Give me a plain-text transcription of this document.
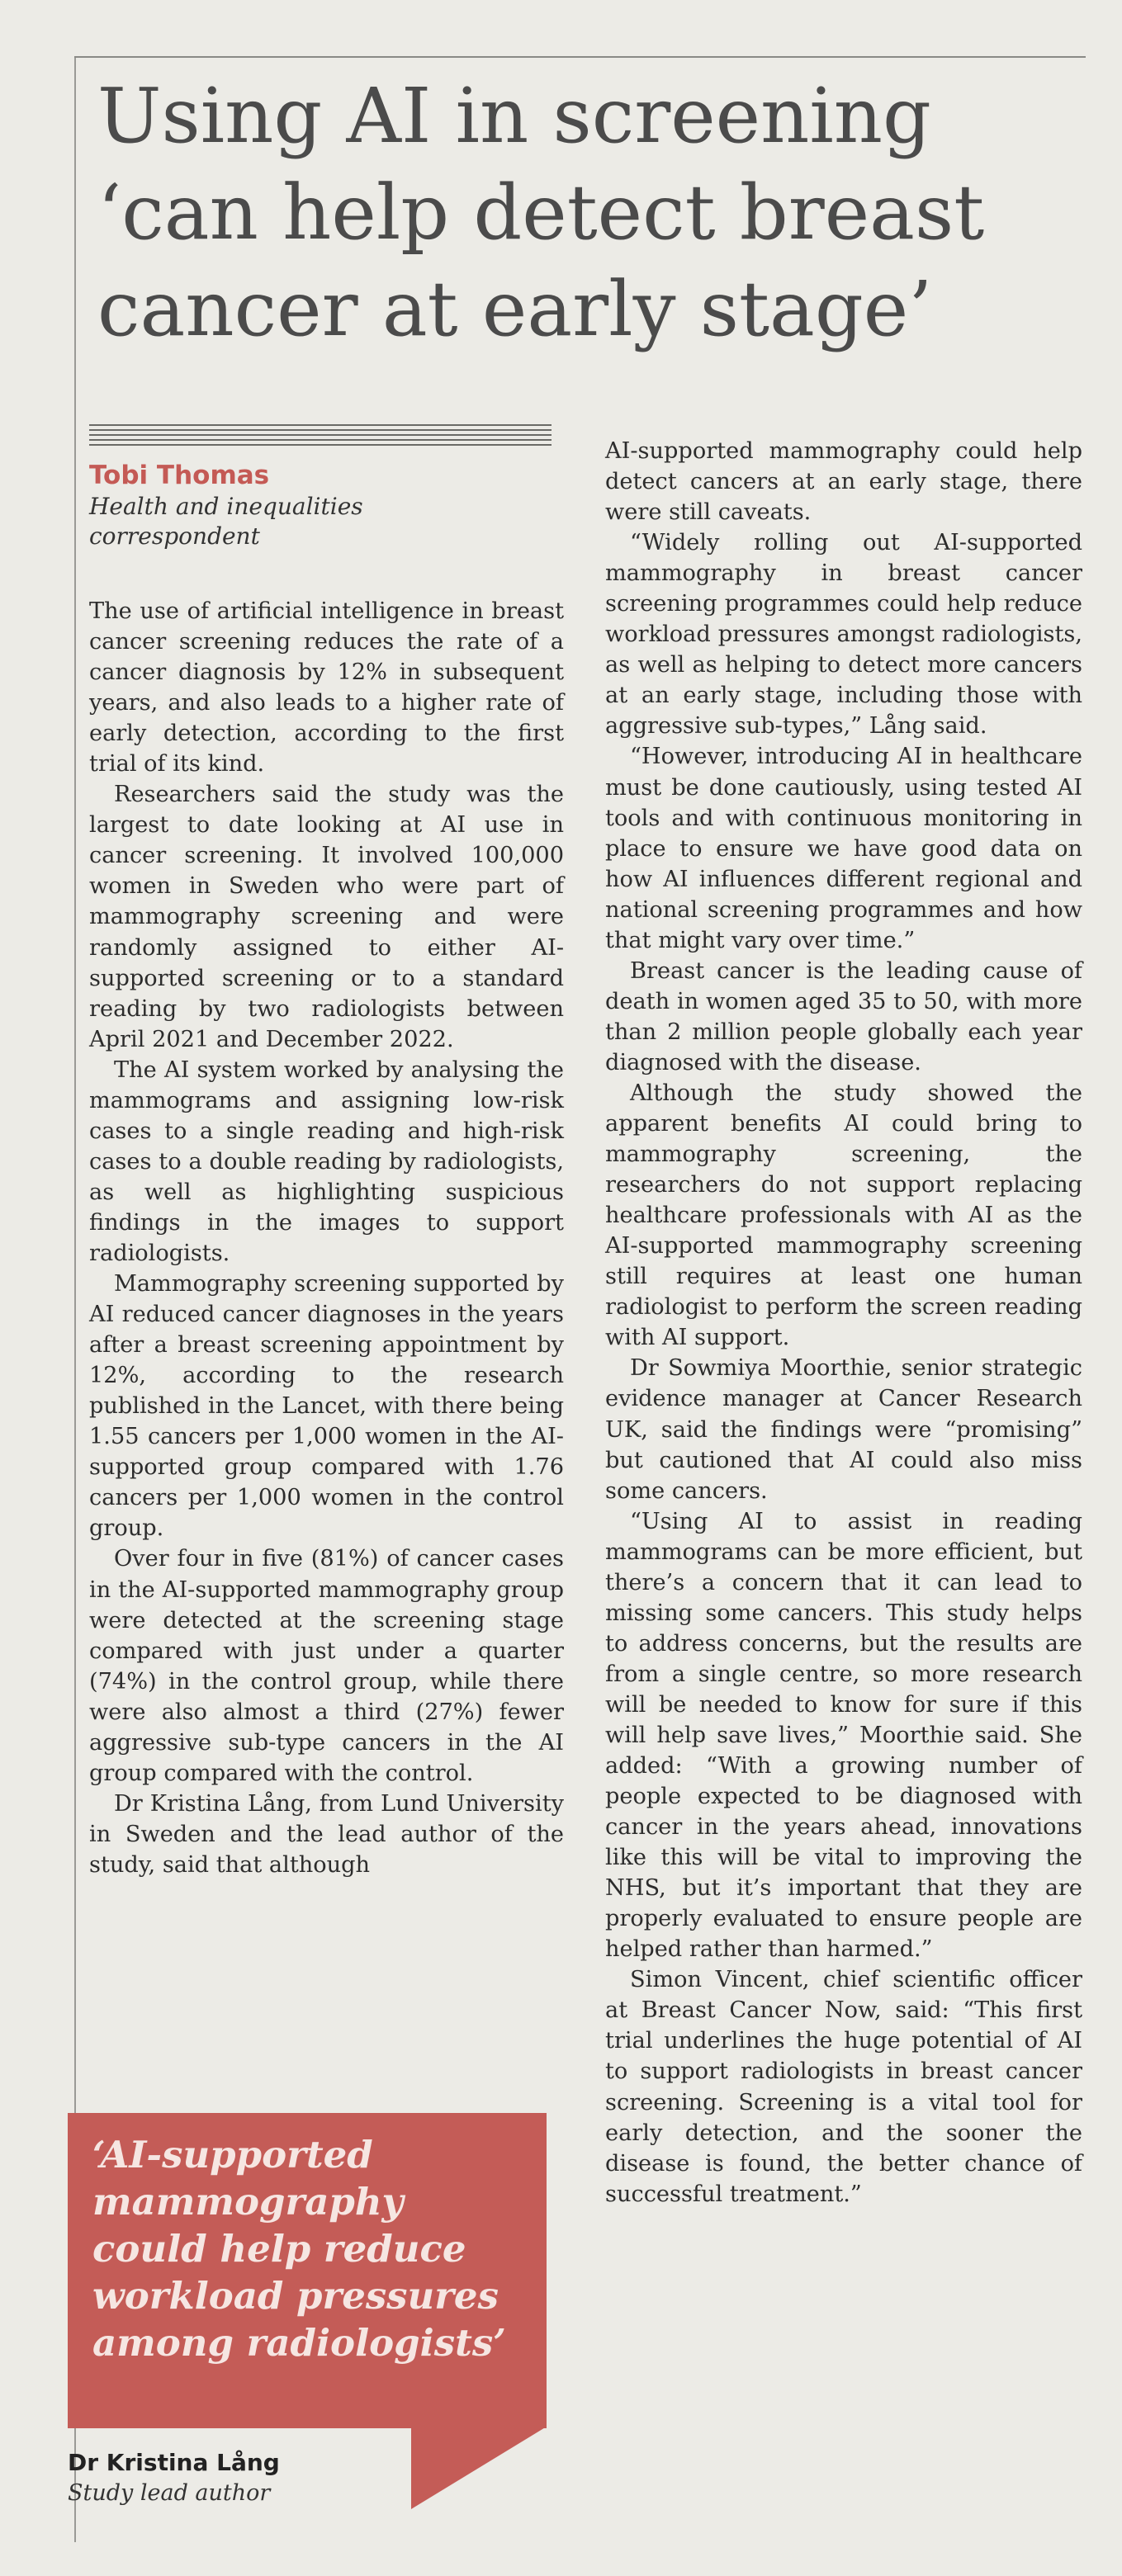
Using AI in screening
‘can help detect breast
cancer at early stage’
Tobi Thomas
Health and inequalities
correspondent

The use of artificial intelligence in breast cancer screening reduces the rate of a cancer diagnosis by 12% in subsequent years, and also leads to a higher rate of early detection, according to the first trial of its kind.

Researchers said the study was the largest to date looking at AI use in cancer screening. It involved 100,000 women in Sweden who were part of mammography screening and were randomly assigned to either AI-supported screening or to a standard reading by two radiologists between April 2021 and December 2022.

The AI system worked by analysing the mammograms and assigning low-risk cases to a single reading and high-risk cases to a double reading by radiologists, as well as highlighting suspicious findings in the images to support radiologists.

Mammography screening supported by AI reduced cancer diagnoses in the years after a breast screening appointment by 12%, according to the research published in the Lancet, with there being 1.55 cancers per 1,000 women in the AI-supported group compared with 1.76 cancers per 1,000 women in the control group.

Over four in five (81%) of cancer cases in the AI-supported mammography group were detected at the screening stage compared with just under a quarter (74%) in the control group, while there were also almost a third (27%) fewer aggressive sub-type cancers in the AI group compared with the control.

Dr Kristina Lång, from Lund University in Sweden and the lead author of the study, said that although

AI-supported mammography could help detect cancers at an early stage, there were still caveats.

“Widely rolling out AI-supported mammography in breast cancer screening programmes could help reduce workload pressures amongst radiologists, as well as helping to detect more cancers at an early stage, including those with aggressive sub-types,” Lång said.

“However, introducing AI in healthcare must be done cautiously, using tested AI tools and with continuous monitoring in place to ensure we have good data on how AI influences different regional and national screening programmes and how that might vary over time.”

Breast cancer is the leading cause of death in women aged 35 to 50, with more than 2 million people globally each year diagnosed with the disease.

Although the study showed the apparent benefits AI could bring to mammography screening, the researchers do not support replacing healthcare professionals with AI as the AI-supported mammography screening still requires at least one human radiologist to perform the screen reading with AI support.

Dr Sowmiya Moorthie, senior strategic evidence manager at Cancer Research UK, said the findings were “promising” but cautioned that AI could also miss some cancers.

“Using AI to assist in reading mammograms can be more efficient, but there’s a concern that it can lead to missing some cancers. This study helps to address concerns, but the results are from a single centre, so more research will be needed to know for sure if this will help save lives,” Moorthie said. She added: “With a growing number of people expected to be diagnosed with cancer in the years ahead, innovations like this will be vital to improving the NHS, but it’s important that they are properly evaluated to ensure people are helped rather than harmed.”

Simon Vincent, chief scientific officer at Breast Cancer Now, said: “This first trial underlines the huge potential of AI to support radiologists in breast cancer screening. Screening is a vital tool for early detection, and the sooner the disease is found, the better chance of successful treatment.”

‘AI-supported
mammography
could help reduce
workload pressures
among radiologists’
Dr Kristina Lång
Study lead author
